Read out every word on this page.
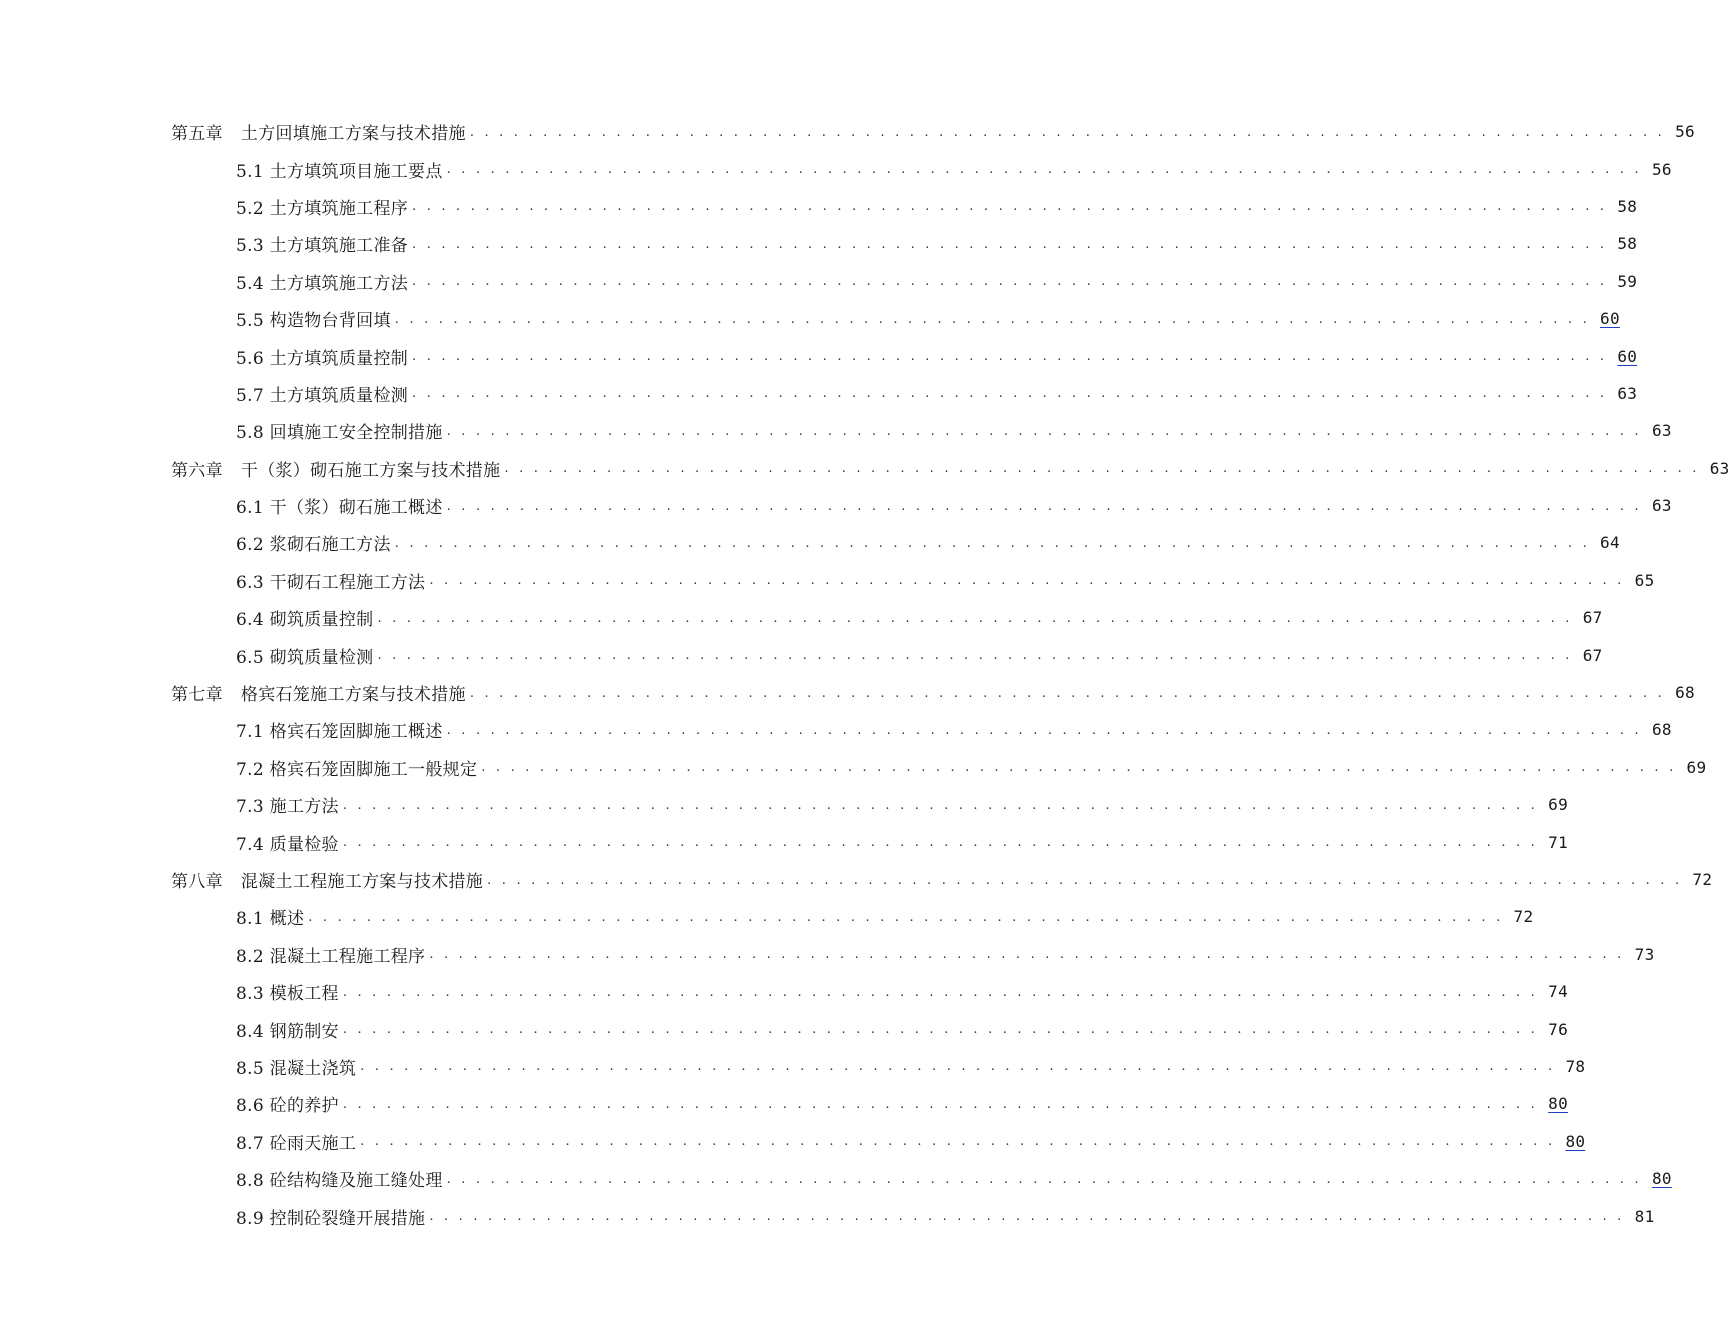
第五章 土方回填施工方案与技术措施 . . . . . . . . . . . . . . . . . . . . . . . . . . . . . . . . . . . . . . . . . . . . . . . . . . . . . . . . . . . . . . . . . . . . . . . . . . . . . . . . . . 56
5.1 土方填筑项目施工要点 . . . . . . . . . . . . . . . . . . . . . . . . . . . . . . . . . . . . . . . . . . . . . . . . . . . . . . . . . . . . . . . . . . . . . . . . . . . . . . . . . . 56
5.2 土方填筑施工程序 . . . . . . . . . . . . . . . . . . . . . . . . . . . . . . . . . . . . . . . . . . . . . . . . . . . . . . . . . . . . . . . . . . . . . . . . . . . . . . . . . . 58
5.3 土方填筑施工准备 . . . . . . . . . . . . . . . . . . . . . . . . . . . . . . . . . . . . . . . . . . . . . . . . . . . . . . . . . . . . . . . . . . . . . . . . . . . . . . . . . . 58
5.4 土方填筑施工方法 . . . . . . . . . . . . . . . . . . . . . . . . . . . . . . . . . . . . . . . . . . . . . . . . . . . . . . . . . . . . . . . . . . . . . . . . . . . . . . . . . . 59
5.5 构造物台背回填 . . . . . . . . . . . . . . . . . . . . . . . . . . . . . . . . . . . . . . . . . . . . . . . . . . . . . . . . . . . . . . . . . . . . . . . . . . . . . . . . . . 60
5.6 土方填筑质量控制 . . . . . . . . . . . . . . . . . . . . . . . . . . . . . . . . . . . . . . . . . . . . . . . . . . . . . . . . . . . . . . . . . . . . . . . . . . . . . . . . . . 60
5.7 土方填筑质量检测 . . . . . . . . . . . . . . . . . . . . . . . . . . . . . . . . . . . . . . . . . . . . . . . . . . . . . . . . . . . . . . . . . . . . . . . . . . . . . . . . . . 63
5.8 回填施工安全控制措施 . . . . . . . . . . . . . . . . . . . . . . . . . . . . . . . . . . . . . . . . . . . . . . . . . . . . . . . . . . . . . . . . . . . . . . . . . . . . . . . . . . 63
第六章 干（浆）砌石施工方案与技术措施 . . . . . . . . . . . . . . . . . . . . . . . . . . . . . . . . . . . . . . . . . . . . . . . . . . . . . . . . . . . . . . . . . . . . . . . . . . . . . . . . . . 63
6.1 干（浆）砌石施工概述 . . . . . . . . . . . . . . . . . . . . . . . . . . . . . . . . . . . . . . . . . . . . . . . . . . . . . . . . . . . . . . . . . . . . . . . . . . . . . . . . . . 63
6.2 浆砌石施工方法 . . . . . . . . . . . . . . . . . . . . . . . . . . . . . . . . . . . . . . . . . . . . . . . . . . . . . . . . . . . . . . . . . . . . . . . . . . . . . . . . . . 64
6.3 干砌石工程施工方法 . . . . . . . . . . . . . . . . . . . . . . . . . . . . . . . . . . . . . . . . . . . . . . . . . . . . . . . . . . . . . . . . . . . . . . . . . . . . . . . . . . 65
6.4 砌筑质量控制 . . . . . . . . . . . . . . . . . . . . . . . . . . . . . . . . . . . . . . . . . . . . . . . . . . . . . . . . . . . . . . . . . . . . . . . . . . . . . . . . . . 67
6.5 砌筑质量检测 . . . . . . . . . . . . . . . . . . . . . . . . . . . . . . . . . . . . . . . . . . . . . . . . . . . . . . . . . . . . . . . . . . . . . . . . . . . . . . . . . . 67
第七章 格宾石笼施工方案与技术措施 . . . . . . . . . . . . . . . . . . . . . . . . . . . . . . . . . . . . . . . . . . . . . . . . . . . . . . . . . . . . . . . . . . . . . . . . . . . . . . . . . . 68
7.1 格宾石笼固脚施工概述 . . . . . . . . . . . . . . . . . . . . . . . . . . . . . . . . . . . . . . . . . . . . . . . . . . . . . . . . . . . . . . . . . . . . . . . . . . . . . . . . . . 68
7.2 格宾石笼固脚施工一般规定 . . . . . . . . . . . . . . . . . . . . . . . . . . . . . . . . . . . . . . . . . . . . . . . . . . . . . . . . . . . . . . . . . . . . . . . . . . . . . . . . . . 69
7.3 施工方法 . . . . . . . . . . . . . . . . . . . . . . . . . . . . . . . . . . . . . . . . . . . . . . . . . . . . . . . . . . . . . . . . . . . . . . . . . . . . . . . . . . 69
7.4 质量检验 . . . . . . . . . . . . . . . . . . . . . . . . . . . . . . . . . . . . . . . . . . . . . . . . . . . . . . . . . . . . . . . . . . . . . . . . . . . . . . . . . . 71
第八章 混凝土工程施工方案与技术措施 . . . . . . . . . . . . . . . . . . . . . . . . . . . . . . . . . . . . . . . . . . . . . . . . . . . . . . . . . . . . . . . . . . . . . . . . . . . . . . . . . . 72
8.1 概述 . . . . . . . . . . . . . . . . . . . . . . . . . . . . . . . . . . . . . . . . . . . . . . . . . . . . . . . . . . . . . . . . . . . . . . . . . . . . . . . . . . 72
8.2 混凝土工程施工程序 . . . . . . . . . . . . . . . . . . . . . . . . . . . . . . . . . . . . . . . . . . . . . . . . . . . . . . . . . . . . . . . . . . . . . . . . . . . . . . . . . . 73
8.3 模板工程 . . . . . . . . . . . . . . . . . . . . . . . . . . . . . . . . . . . . . . . . . . . . . . . . . . . . . . . . . . . . . . . . . . . . . . . . . . . . . . . . . . 74
8.4 钢筋制安 . . . . . . . . . . . . . . . . . . . . . . . . . . . . . . . . . . . . . . . . . . . . . . . . . . . . . . . . . . . . . . . . . . . . . . . . . . . . . . . . . . 76
8.5 混凝土浇筑 . . . . . . . . . . . . . . . . . . . . . . . . . . . . . . . . . . . . . . . . . . . . . . . . . . . . . . . . . . . . . . . . . . . . . . . . . . . . . . . . . . 78
8.6 砼的养护 . . . . . . . . . . . . . . . . . . . . . . . . . . . . . . . . . . . . . . . . . . . . . . . . . . . . . . . . . . . . . . . . . . . . . . . . . . . . . . . . . . 80
8.7 砼雨天施工 . . . . . . . . . . . . . . . . . . . . . . . . . . . . . . . . . . . . . . . . . . . . . . . . . . . . . . . . . . . . . . . . . . . . . . . . . . . . . . . . . . 80
8.8 砼结构缝及施工缝处理 . . . . . . . . . . . . . . . . . . . . . . . . . . . . . . . . . . . . . . . . . . . . . . . . . . . . . . . . . . . . . . . . . . . . . . . . . . . . . . . . . . 80
8.9 控制砼裂缝开展措施 . . . . . . . . . . . . . . . . . . . . . . . . . . . . . . . . . . . . . . . . . . . . . . . . . . . . . . . . . . . . . . . . . . . . . . . . . . . . . . . . . . 81
